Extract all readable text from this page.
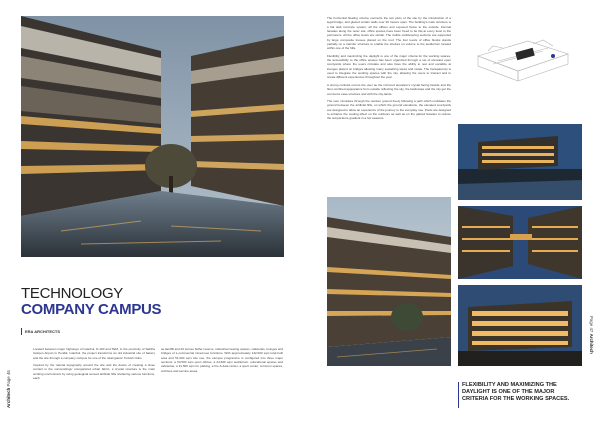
TECHNOLOGY
COMPANY CAMPUS
ERA ARCHITECTS

Located between major highways of Istanbul, D-100 and TEM, in the proximity of Sabiha Gökçen Airport in Pendik, Istanbul, the project transforms an old industrial site of bakery and the site through a company campus for one of the retail giants' Turkish clubs.

Inspired by the natural topography around the site and the desire of creating a close contact to the surroundings' unorganized urban fabric, a crystal structure is the main working environment by using geological sensed artificial hills sheltering various functions, each

as landfill and 20 tonnes buffer reserve, industrial meeting spaces, cafeterias, lounges and bridges of a commercial mixed-use functions. With approximately 142,000 sqm total built area and 51,000 sqm site use, the campus programme is configured into three major sections: a 53,500 sqm open offices, a 24,600 sqm auditorium, educational spaces and cafeterias, a 31,500 sqm for parking, a fire & data center, a sport center, common spaces, archives and service areas.

Architech Page 46

The horizontal floating volume connects the two plots of the site by the introduction of a legal bridge, and glazed curtain walls over 30 meters span. The building's main structure is a flat slab concrete system; all the offices and exposed frame to the outside. Internal facades along the outer site, office spaces have been freed to be flat at every level to the perimeters. All the office levels are similar. The visible cantilevering sections are supported by large composite trusses placed on the roof. The four levels of office blocks stands partially on a transfer structure to enable the shelves on volume to the auditorium located within one of the hills.

Flexibility and maximizing the daylight is one of the major criteria for the working spaces, the accessibility to the office spaces has been organized through a set of elevated open courtyards where the users circulate and also have the ability to rest and socialize at lounges placed on bridges allowing many sustaining views and vistas. The transparency is used to integrate the working spaces with the city, allowing the users to interact and to create different experiences throughout the year.

A strong contrast occurs the user as the mirrored elevation's crystal facing facade and the floor-confined appearance from outside reflecting the sky, the landscape and the city get the commons ease structure and with the city-lands.

The user circulates through the outdoor ground freely following a path which undulates the ground between the artificial hills, on which the ground elevations, the elevated courtyards are designed to allow an experience of the journey to the everyday use. Pools are designed to enhance the cooling effect on the outdoors as well as on the glazed facades to reduce the temperature gradient in a hot seasons.

FLEXIBILITY AND MAXIMIZING THE DAYLIGHT IS ONE OF THE MAJOR CRITERIA FOR THE WORKING SPACES.
Page 47 Architech
